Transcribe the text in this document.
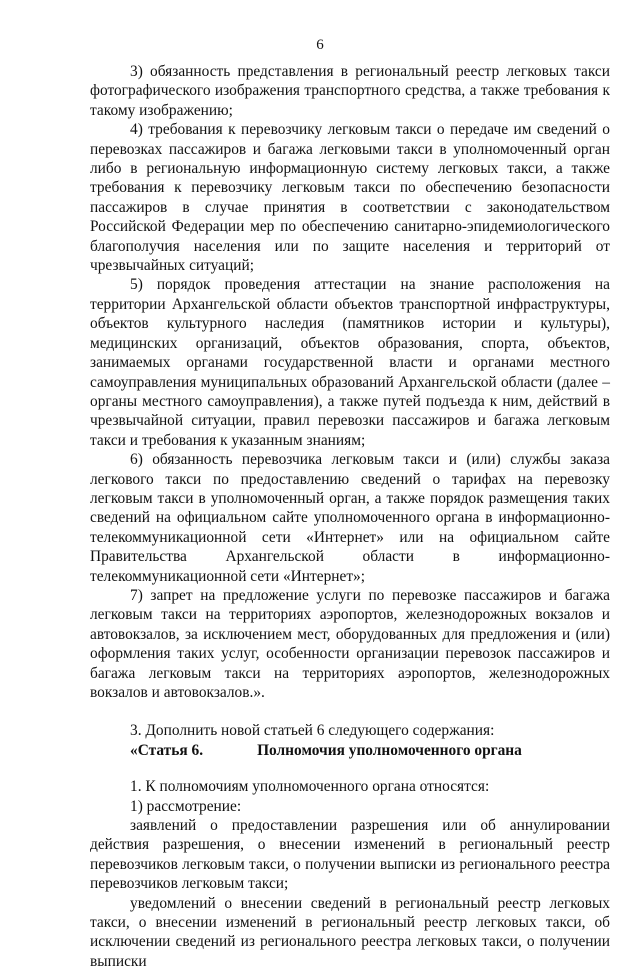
6

3) обязанность представления в региональный реестр легковых такси фотографического изображения транспортного средства, а также требования к такому изображению;

4) требования к перевозчику легковым такси о передаче им сведений о перевозках пассажиров и багажа легковыми такси в уполномоченный орган либо в региональную информационную систему легковых такси, а также требования к перевозчику легковым такси по обеспечению безопасности пассажиров в случае принятия в соответствии с законодательством Российской Федерации мер по обеспечению санитарно-эпидемиологического благополучия населения или по защите населения и территорий от чрезвычайных ситуаций;

5) порядок проведения аттестации на знание расположения на территории Архангельской области объектов транспортной инфраструктуры, объектов культурного наследия (памятников истории и культуры), медицинских организаций, объектов образования, спорта, объектов, занимаемых органами государственной власти и органами местного самоуправления муниципальных образований Архангельской области (далее – органы местного самоуправления), а также путей подъезда к ним, действий в чрезвычайной ситуации, правил перевозки пассажиров и багажа легковым такси и требования к указанным знаниям;

6) обязанность перевозчика легковым такси и (или) службы заказа легкового такси по предоставлению сведений о тарифах на перевозку легковым такси в уполномоченный орган, а также порядок размещения таких сведений на официальном сайте уполномоченного органа в информационно-телекоммуникационной сети «Интернет» или на официальном сайте Правительства Архангельской области в информационно-телекоммуникационной сети «Интернет»;

7) запрет на предложение услуги по перевозке пассажиров и багажа легковым такси на территориях аэропортов, железнодорожных вокзалов и автовокзалов, за исключением мест, оборудованных для предложения и (или) оформления таких услуг, особенности организации перевозок пассажиров и багажа легковым такси на территориях аэропортов, железнодорожных вокзалов и автовокзалов.».

3. Дополнить новой статьей 6 следующего содержания:

«Статья 6.	Полномочия уполномоченного органа

1. К полномочиям уполномоченного органа относятся:

1) рассмотрение:

заявлений о предоставлении разрешения или об аннулировании действия разрешения, о внесении изменений в региональный реестр перевозчиков легковым такси, о получении выписки из регионального реестра перевозчиков легковым такси;

уведомлений о внесении сведений в региональный реестр легковых такси, о внесении изменений в региональный реестр легковых такси, об исключении сведений из регионального реестра легковых такси, о получении выписки
